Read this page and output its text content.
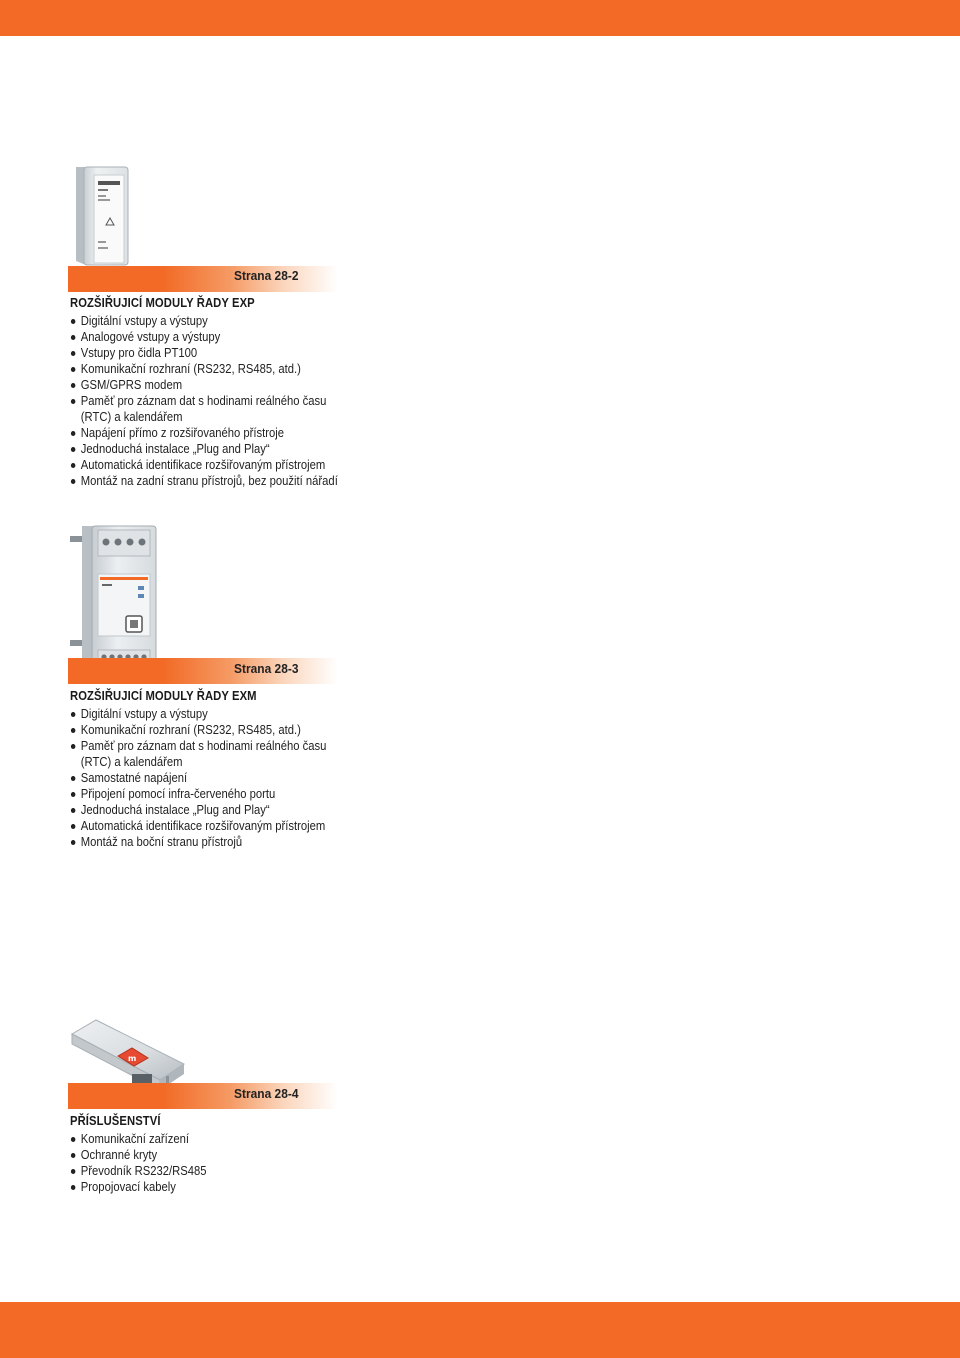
Strana 28-2
ROZŠIŘUJICÍ MODULY ŘADY EXP
Digitální vstupy a výstupy
Analogové vstupy a výstupy
Vstupy pro čidla PT100
Komunikační rozhraní (RS232, RS485, atd.)
GSM/GPRS modem
Paměť pro záznam dat s hodinami reálného času
(RTC) a kalendářem
Napájení přímo z rozšiřovaného přístroje
Jednoduchá instalace „Plug and Play“
Automatická identifikace rozšiřovaným přístrojem
Montáž na zadní stranu přístrojů, bez použití nářadí
Strana 28-3
ROZŠIŘUJICÍ MODULY ŘADY EXM
Digitální vstupy a výstupy
Komunikační rozhraní (RS232, RS485, atd.)
Paměť pro záznam dat s hodinami reálného času
(RTC) a kalendářem
Samostatné napájení
Připojení pomocí infra-červeného portu
Jednoduchá instalace „Plug and Play“
Automatická identifikace rozšiřovaným přístrojem
Montáž na boční stranu přístrojů
m
Strana 28-4
PŘÍSLUŠENSTVÍ
Komunikační zařízení
Ochranné kryty
Převodník RS232/RS485
Propojovací kabely
